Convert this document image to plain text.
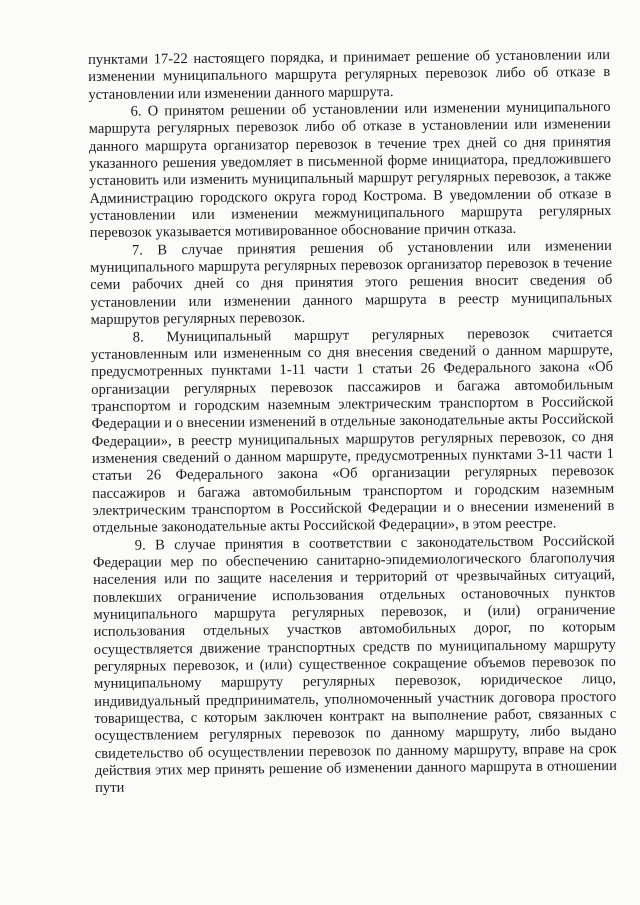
пунктами 17-22 настоящего порядка, и принимает решение об установлении или изменении муниципального маршрута регулярных перевозок либо об отказе в установлении или изменении данного маршрута.

6. О принятом решении об установлении или изменении муниципального маршрута регулярных перевозок либо об отказе в установлении или изменении данного маршрута организатор перевозок в течение трех дней со дня принятия указанного решения уведомляет в письменной форме инициатора, предложившего установить или изменить муниципальный маршрут регулярных перевозок, а также Администрацию городского округа город Кострома. В уведомлении об отказе в установлении или изменении межмуниципального маршрута регулярных перевозок указывается мотивированное обоснование причин отказа.

7. В случае принятия решения об установлении или изменении муниципального маршрута регулярных перевозок организатор перевозок в течение семи рабочих дней со дня принятия этого решения вносит сведения об установлении или изменении данного маршрута в реестр муниципальных маршрутов регулярных перевозок.

8. Муниципальный маршрут регулярных перевозок считается установленным или измененным со дня внесения сведений о данном маршруте, предусмотренных пунктами 1-11 части 1 статьи 26 Федерального закона «Об организации регулярных перевозок пассажиров и багажа автомобильным транспортом и городским наземным электрическим транспортом в Российской Федерации и о внесении изменений в отдельные законодательные акты Российской Федерации», в реестр муниципальных маршрутов регулярных перевозок, со дня изменения сведений о данном маршруте, предусмотренных пунктами 3-11 части 1 статьи 26 Федерального закона «Об организации регулярных перевозок пассажиров и багажа автомобильным транспортом и городским наземным электрическим транспортом в Российской Федерации и о внесении изменений в отдельные законодательные акты Российской Федерации», в этом реестре.

9. В случае принятия в соответствии с законодательством Российской Федерации мер по обеспечению санитарно-эпидемиологического благополучия населения или по защите населения и территорий от чрезвычайных ситуаций, повлекших ограничение использования отдельных остановочных пунктов муниципального маршрута регулярных перевозок, и (или) ограничение использования отдельных участков автомобильных дорог, по которым осуществляется движение транспортных средств по муниципальному маршруту регулярных перевозок, и (или) существенное сокращение объемов перевозок по муниципальному маршруту регулярных перевозок, юридическое лицо, индивидуальный предприниматель, уполномоченный участник договора простого товарищества, с которым заключен контракт на выполнение работ, связанных с осуществлением регулярных перевозок по данному маршруту, либо выдано свидетельство об осуществлении перевозок по данному маршруту, вправе на срок действия этих мер принять решение об изменении данного маршрута в отношении пути
